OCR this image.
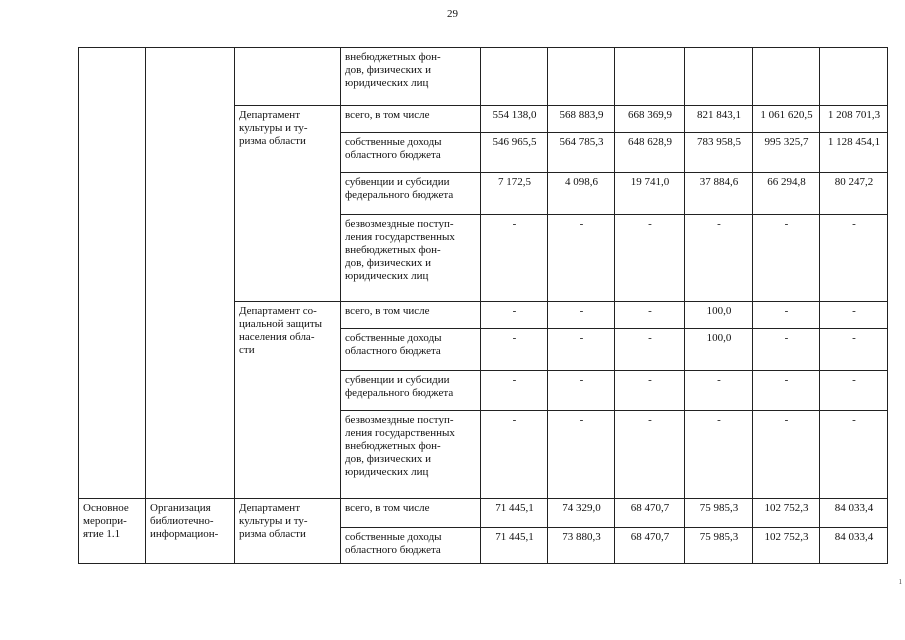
29
			внебюджетных фон-
дов, физических и
юридических лиц						
		Департамент
культуры и ту-
ризма области	всего, в том числе	554 138,0	568 883,9	668 369,9	821 843,1	1 061 620,5	1 208 701,3
			собственные доходы
областного бюджета	546 965,5	564 785,3	648 628,9	783 958,5	995 325,7	1 128 454,1
			субвенции и субсидии
федерального бюджета	7 172,5	4 098,6	19 741,0	37 884,6	66 294,8	80 247,2
			безвозмездные поступ-
ления государственных
внебюджетных фон-
дов, физических и
юридических лиц	-	-	-	-	-	-
		Департамент со-
циальной защиты
населения обла-
сти	всего, в том числе	-	-	-	100,0	-	-
			собственные доходы
областного бюджета	-	-	-	100,0	-	-
			субвенции и субсидии
федерального бюджета	-	-	-	-	-	-
			безвозмездные поступ-
ления государственных
внебюджетных фон-
дов, физических и
юридических лиц	-	-	-	-	-	-
Основное
меропри-
ятие 1.1	Организация
библиотечно-
информацион-	Департамент
культуры и ту-
ризма области	всего, в том числе	71 445,1	74 329,0	68 470,7	75 985,3	102 752,3	84 033,4
			собственные доходы
областного бюджета	71 445,1	73 880,3	68 470,7	75 985,3	102 752,3	84 033,4
1
